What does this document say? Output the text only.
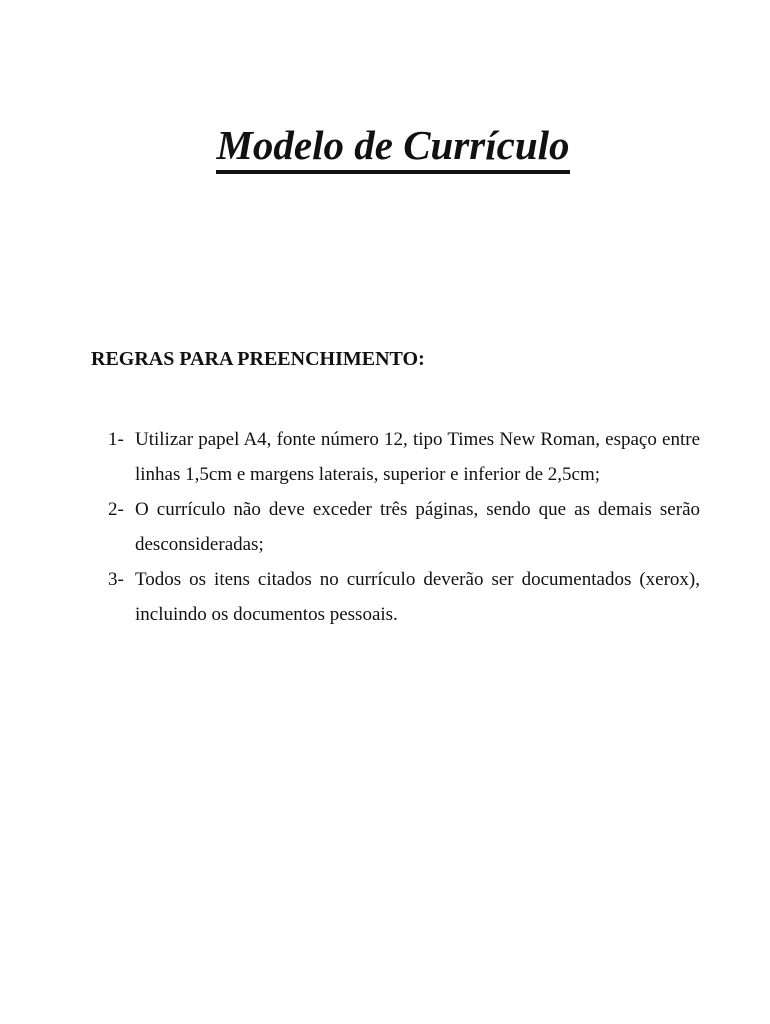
Modelo de Currículo
REGRAS PARA PREENCHIMENTO:
1- Utilizar papel A4, fonte número 12, tipo Times New Roman, espaço entre linhas 1,5cm e margens laterais, superior e inferior de 2,5cm;
2- O currículo não deve exceder três páginas, sendo que as demais serão desconsideradas;
3- Todos os itens citados no currículo deverão ser documentados (xerox), incluindo os documentos pessoais.
